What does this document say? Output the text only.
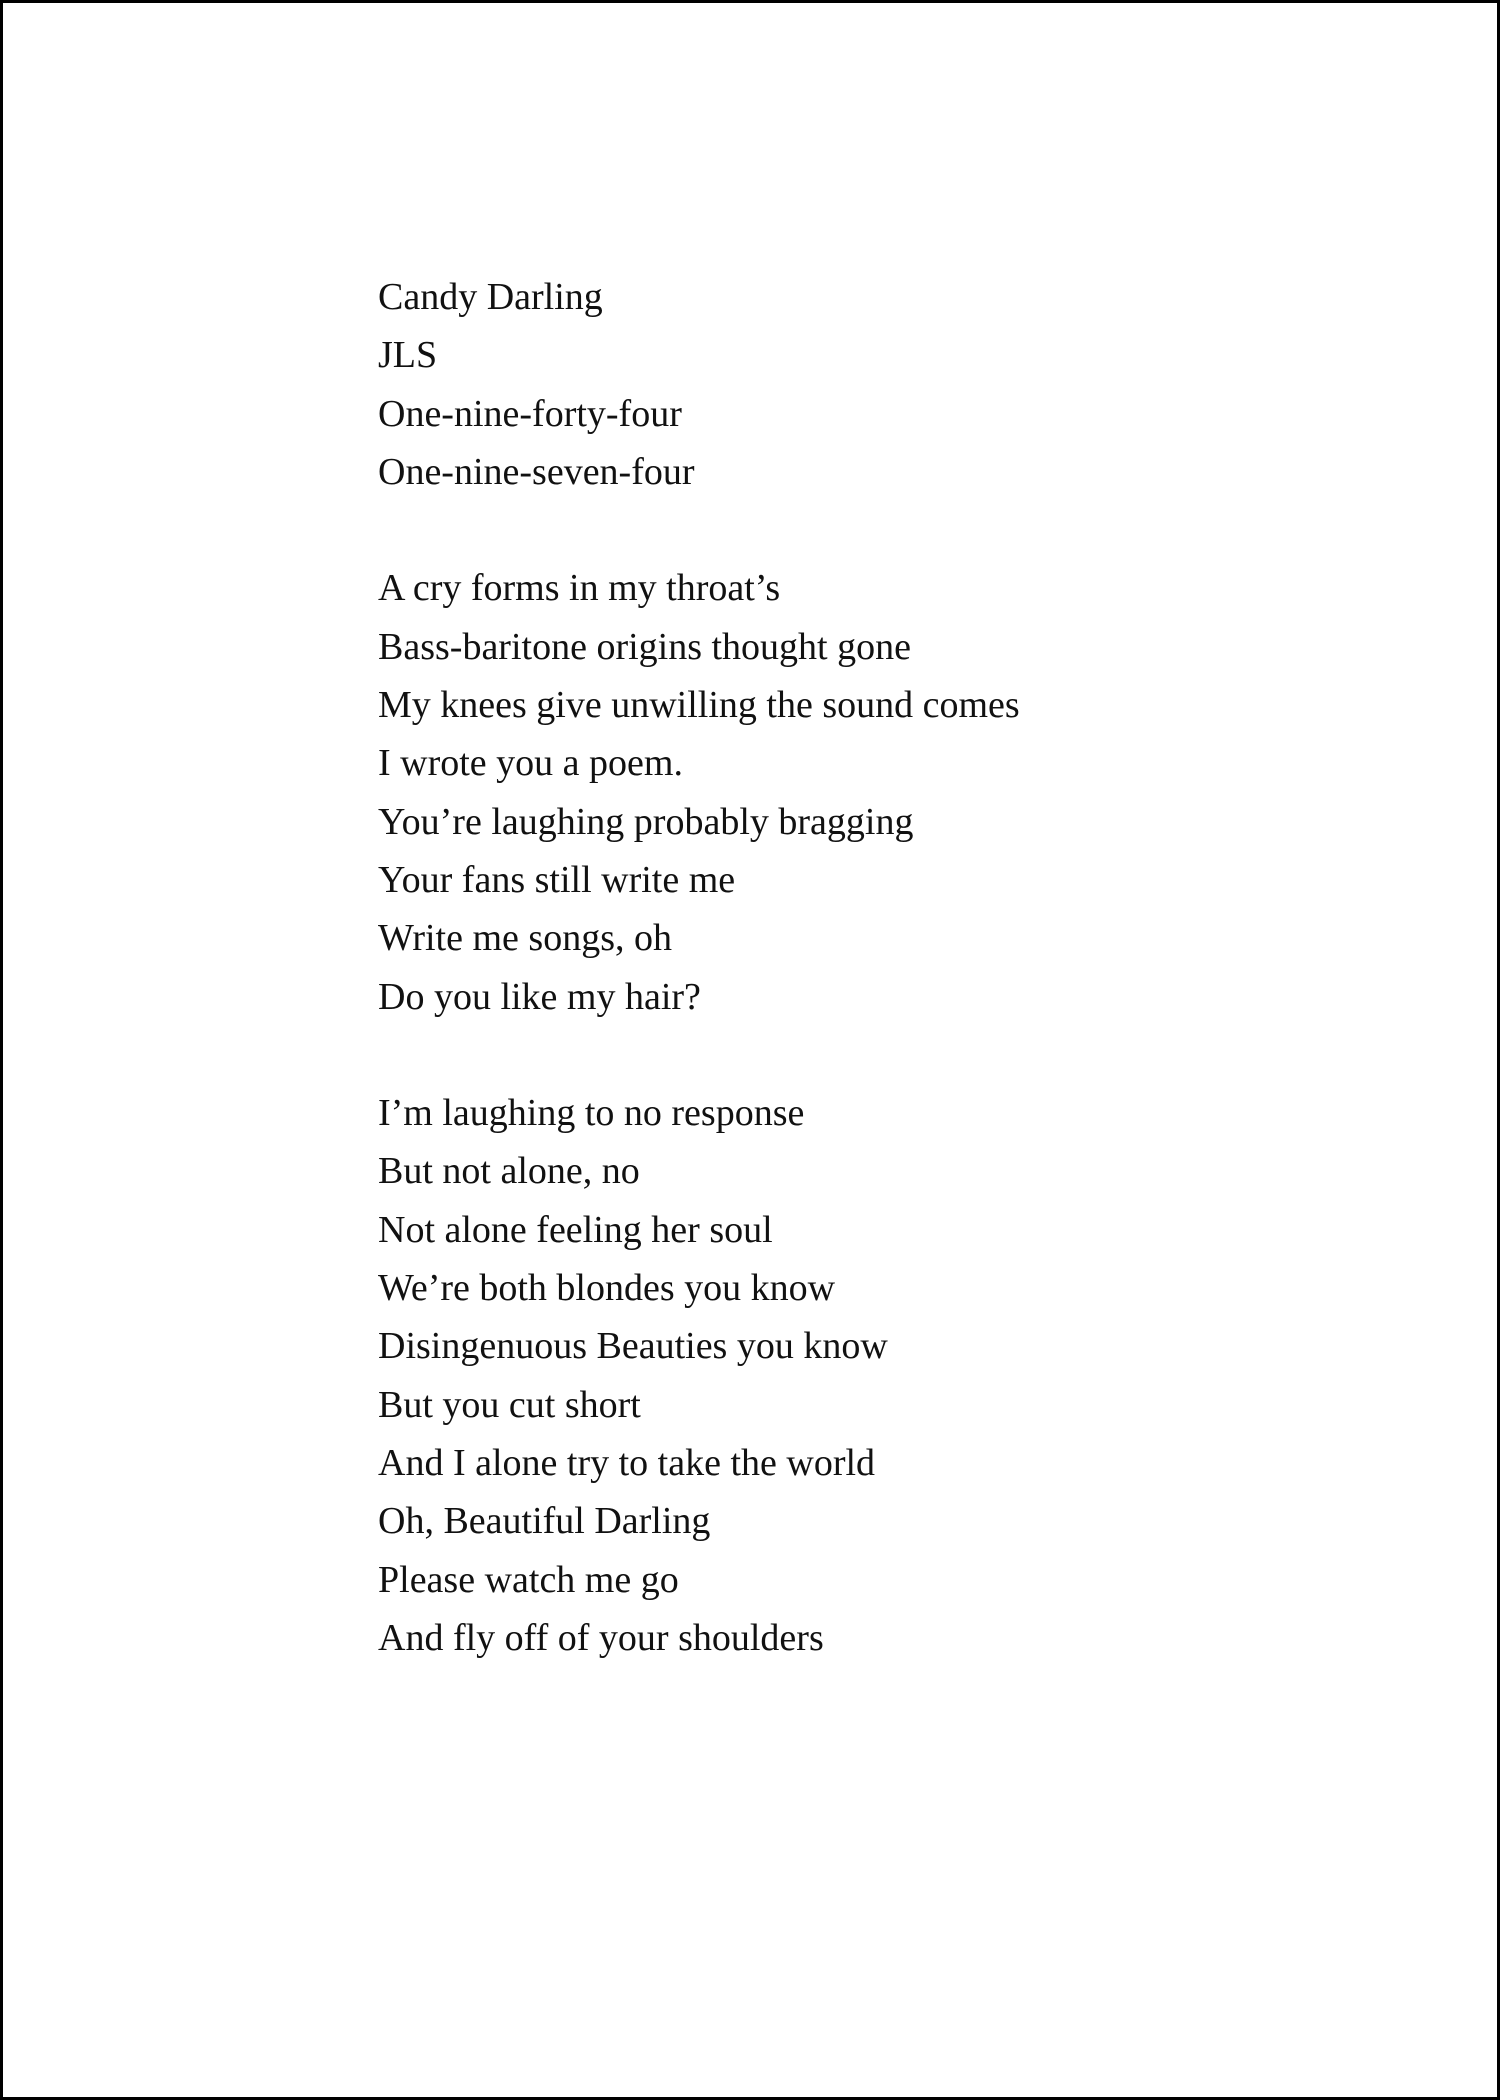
Candy Darling
JLS
One-nine-forty-four
One-nine-seven-four
A cry forms in my throat’s
Bass-baritone origins thought gone
My knees give unwilling the sound comes
I wrote you a poem.
You’re laughing probably bragging
Your fans still write me
Write me songs, oh
Do you like my hair?
I’m laughing to no response
But not alone, no
Not alone feeling her soul
We’re both blondes you know
Disingenuous Beauties you know
But you cut short
And I alone try to take the world
Oh, Beautiful Darling
Please watch me go
And fly off of your shoulders
